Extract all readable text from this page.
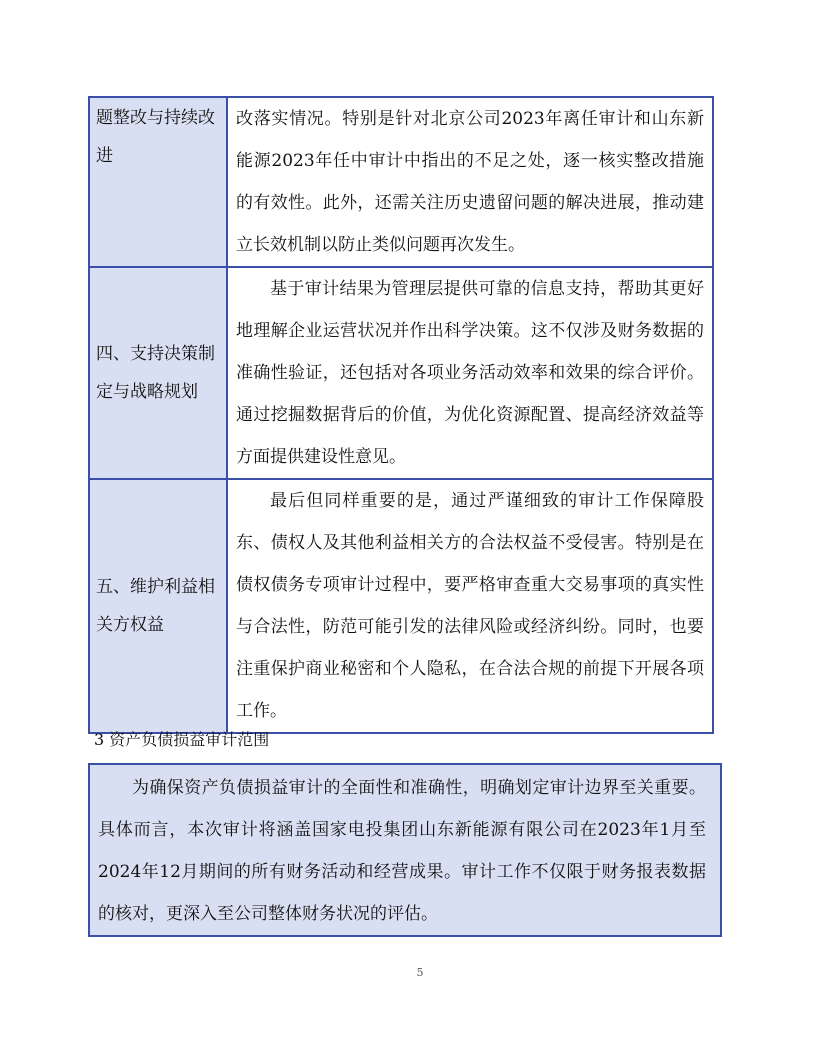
题整改与持续改进	改落实情况。特别是针对北京公司2023年离任审计和山东新能源2023年任中审计中指出的不足之处，逐一核实整改措施的有效性。此外，还需关注历史遗留问题的解决进展，推动建立长效机制以防止类似问题再次发生。
四、支持决策制定与战略规划	基于审计结果为管理层提供可靠的信息支持，帮助其更好地理解企业运营状况并作出科学决策。这不仅涉及财务数据的准确性验证，还包括对各项业务活动效率和效果的综合评价。通过挖掘数据背后的价值，为优化资源配置、提高经济效益等方面提供建设性意见。
五、维护利益相关方权益	最后但同样重要的是，通过严谨细致的审计工作保障股东、债权人及其他利益相关方的合法权益不受侵害。特别是在债权债务专项审计过程中，要严格审查重大交易事项的真实性与合法性，防范可能引发的法律风险或经济纠纷。同时，也要注重保护商业秘密和个人隐私，在合法合规的前提下开展各项工作。
3 资产负债损益审计范围

为确保资产负债损益审计的全面性和准确性，明确划定审计边界至关重要。具体而言，本次审计将涵盖国家电投集团山东新能源有限公司在2023年1月至2024年12月期间的所有财务活动和经营成果。审计工作不仅限于财务报表数据的核对，更深入至公司整体财务状况的评估。

5
